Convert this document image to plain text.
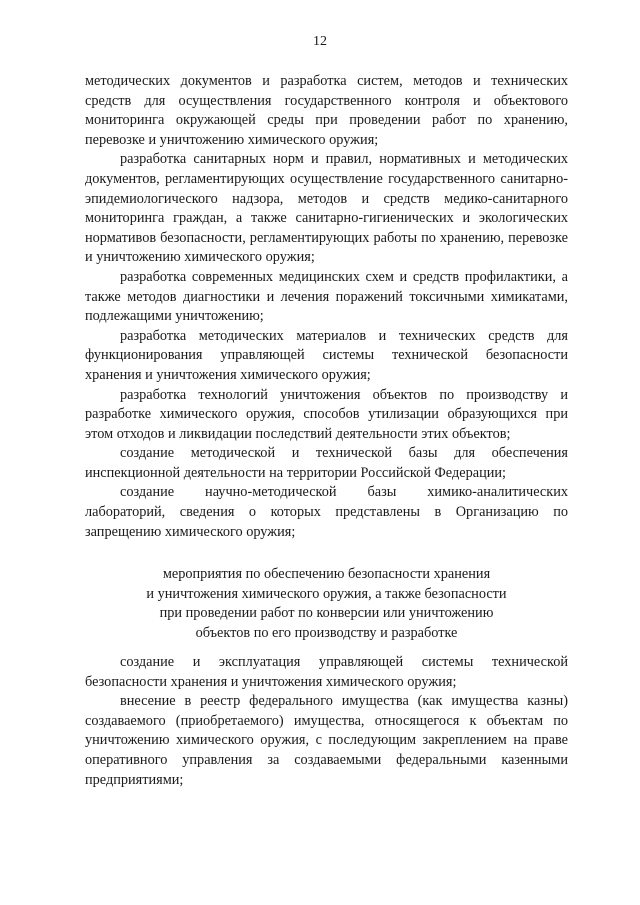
12

методических документов и разработка систем, методов и технических средств для осуществления государственного контроля и объектового мониторинга окружающей среды при проведении работ по хранению, перевозке и уничтожению химического оружия;

разработка санитарных норм и правил, нормативных и методических документов, регламентирующих осуществление государственного санитарно-эпидемиологического надзора, методов и средств медико-санитарного мониторинга граждан, а также санитарно-гигиенических и экологических нормативов безопасности, регламентирующих работы по хранению, перевозке и уничтожению химического оружия;

разработка современных медицинских схем и средств профилактики, а также методов диагностики и лечения поражений токсичными химикатами, подлежащими уничтожению;

разработка методических материалов и технических средств для функционирования управляющей системы технической безопасности хранения и уничтожения химического оружия;

разработка технологий уничтожения объектов по производству и разработке химического оружия, способов утилизации образующихся при этом отходов и ликвидации последствий деятельности этих объектов;

создание методической и технической базы для обеспечения инспекционной деятельности на территории Российской Федерации;

создание научно-методической базы химико-аналитических лабораторий, сведения о которых представлены в Организацию по запрещению химического оружия;

мероприятия по обеспечению безопасности хранения
и уничтожения химического оружия, а также безопасности
при проведении работ по конверсии или уничтожению
объектов по его производству и разработке

создание и эксплуатация управляющей системы технической безопасности хранения и уничтожения химического оружия;

внесение в реестр федерального имущества (как имущества казны) создаваемого (приобретаемого) имущества, относящегося к объектам по уничтожению химического оружия, с последующим закреплением на праве оперативного управления за создаваемыми федеральными казенными предприятиями;
